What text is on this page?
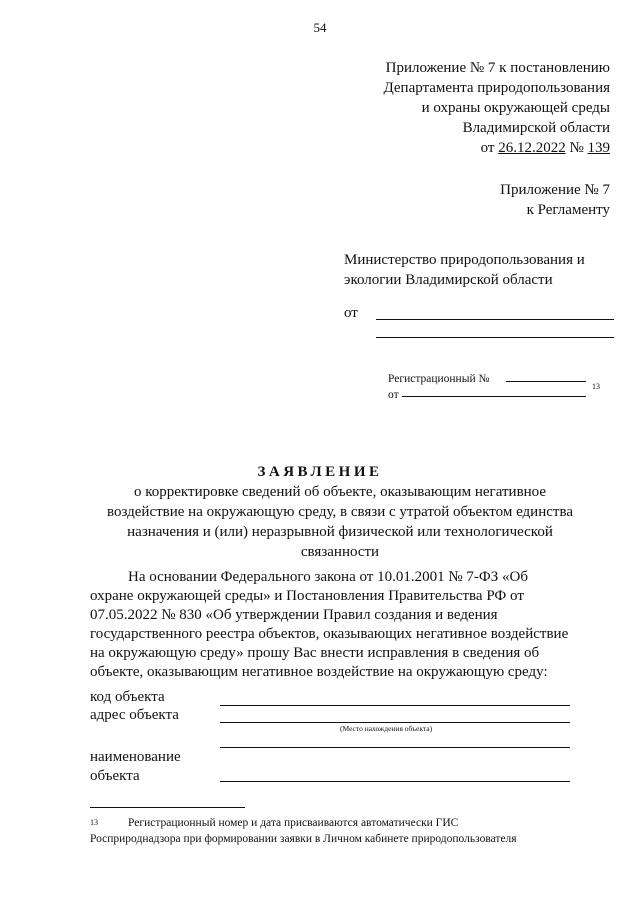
54
Приложение № 7 к постановлению
Департамента природопользования
и охраны окружающей среды
Владимирской области
от 26.12.2022 № 139
Приложение № 7
к Регламенту
Министерство природопользования и
экологии Владимирской области
от
Регистрационный №
от
13
ЗАЯВЛЕНИЕ
о корректировке сведений об объекте, оказывающим негативное
воздействие на окружающую среду, в связи с утратой объектом единства
назначения и (или) неразрывной физической или технологической
связанности
На основании Федерального закона от 10.01.2001 № 7-ФЗ «Об
охране окружающей среды» и Постановления Правительства РФ от
07.05.2022 № 830 «Об утверждении Правил создания и ведения
государственного реестра объектов, оказывающих негативное воздействие
на окружающую среду» прошу Вас внести исправления в сведения об
объекте, оказывающим негативное воздействие на окружающую среду:
код объекта
адрес объекта
(Место нахождения объекта)
наименование
объекта
$^{13}$	Регистрационный номер и дата присваиваются автоматически ГИС
Росприроднадзора при формировании заявки в Личном кабинете природопользователя
